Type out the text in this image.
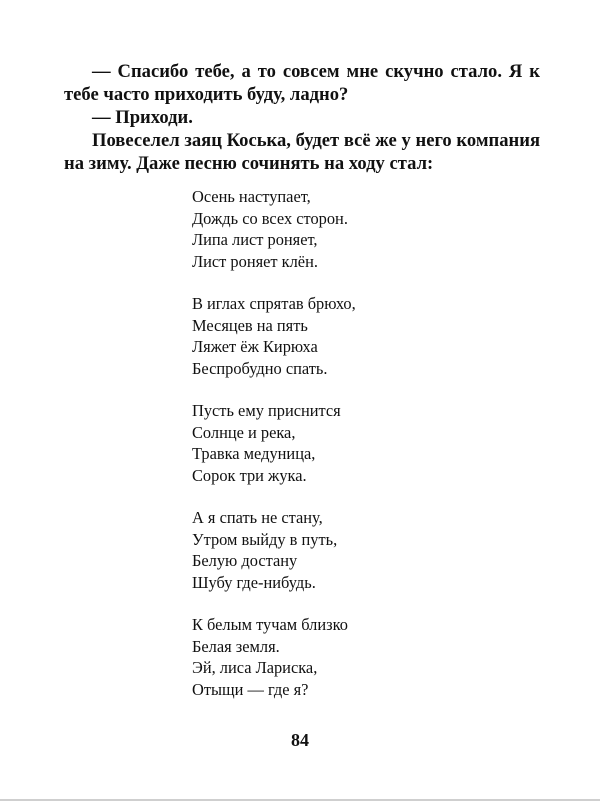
— Спасибо тебе, а то совсем мне скучно стало. Я к тебе часто приходить буду, ладно?

— Приходи.

Повеселел заяц Коська, будет всё же у него компания на зиму. Даже песню сочинять на ходу стал:

Осень наступает,
Дождь со всех сторон.
Липа лист роняет,
Лист роняет клён.
В иглах спрятав брюхо,
Месяцев на пять
Ляжет ёж Кирюха
Беспробудно спать.
Пусть ему приснится
Солнце и река,
Травка медуница,
Сорок три жука.
А я спать не стану,
Утром выйду в путь,
Белую достану
Шубу где-нибудь.
К белым тучам близко
Белая земля.
Эй, лиса Лариска,
Отыщи — где я?
84
